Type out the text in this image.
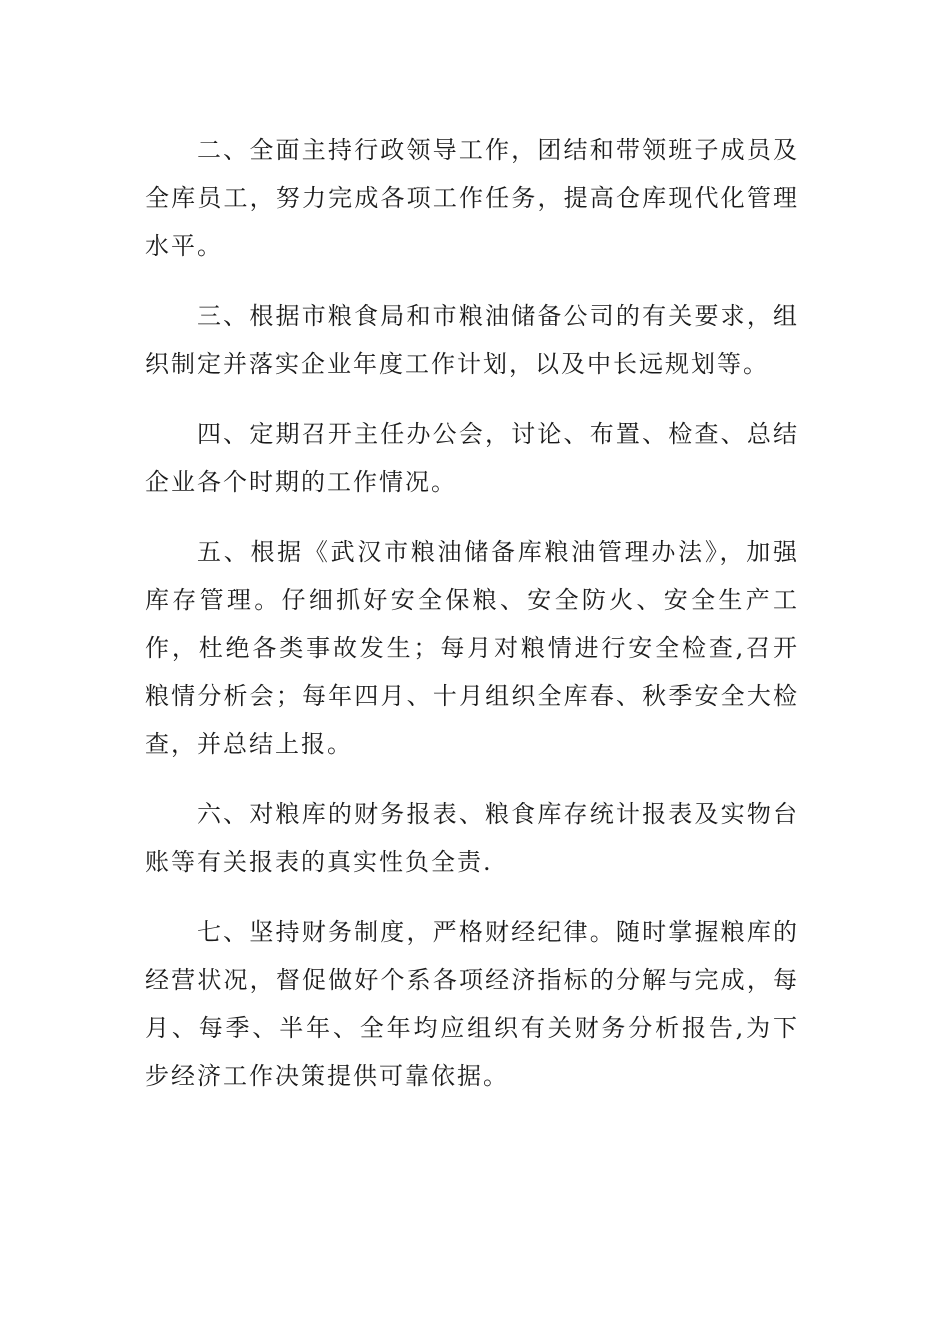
二、全面主持行政领导工作，团结和带领班子成员及全库员工，努力完成各项工作任务，提高仓库现代化管理水平。

三、根据市粮食局和市粮油储备公司的有关要求，组织制定并落实企业年度工作计划，以及中长远规划等。

四、定期召开主任办公会，讨论、布置、检查、总结企业各个时期的工作情况。

五、根据《武汉市粮油储备库粮油管理办法》，加强库存管理。仔细抓好安全保粮、安全防火、安全生产工作，杜绝各类事故发生；每月对粮情进行安全检查,召开粮情分析会；每年四月、十月组织全库春、秋季安全大检查，并总结上报。

六、对粮库的财务报表、粮食库存统计报表及实物台账等有关报表的真实性负全责.

七、坚持财务制度，严格财经纪律。随时掌握粮库的经营状况，督促做好个系各项经济指标的分解与完成，每月、每季、半年、全年均应组织有关财务分析报告,为下步经济工作决策提供可靠依据。
